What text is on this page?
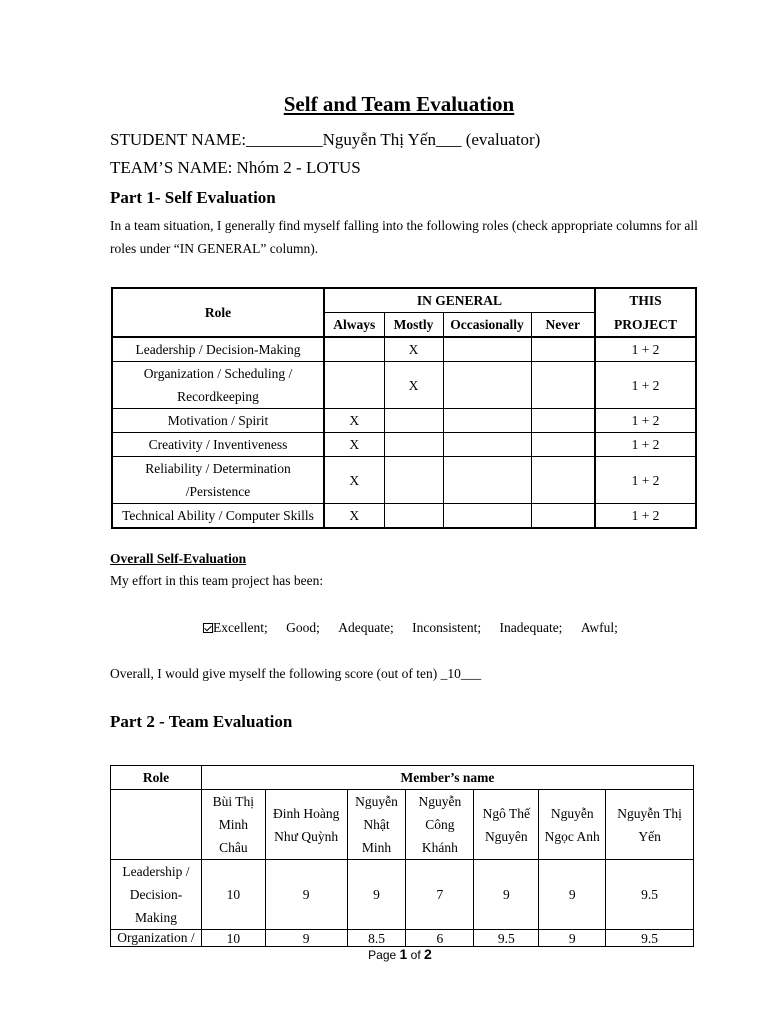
Self and Team Evaluation
STUDENT NAME:_________Nguyễn Thị Yến___ (evaluator)
TEAM’S NAME: Nhóm 2 - LOTUS
Part 1- Self Evaluation
In a team situation, I generally find myself falling into the following roles (check appropriate columns for all roles under “IN GENERAL” column).
Role	IN GENERAL				THIS
	Always	Mostly	Occasionally	Never	PROJECT
Leadership / Decision-Making		X			1 + 2
Organization / Scheduling / Recordkeeping		X			1 + 2
Motivation / Spirit	X				1 + 2
Creativity / Inventiveness	X				1 + 2
Reliability / Determination /Persistence	X				1 + 2
Technical Ability / Computer Skills	X				1 + 2
Overall Self-Evaluation
My effort in this team project has been:
Excellent; Good; Adequate; Inconsistent; Inadequate; Awful;
Overall, I would give myself the following score (out of ten) _10___
Part 2 - Team Evaluation
Role	Member’s name						
	Bùi Thị Minh Châu	Đinh Hoàng Như Quỳnh	Nguyễn Nhật Minh	Nguyễn Công Khánh	Ngô Thế Nguyên	Nguyễn Ngọc Anh	Nguyễn Thị Yến
Leadership / Decision-Making	10	9	9	7	9	9	9.5
Organization /	10	9	8.5	6	9.5	9	9.5
Page 1 of 2
